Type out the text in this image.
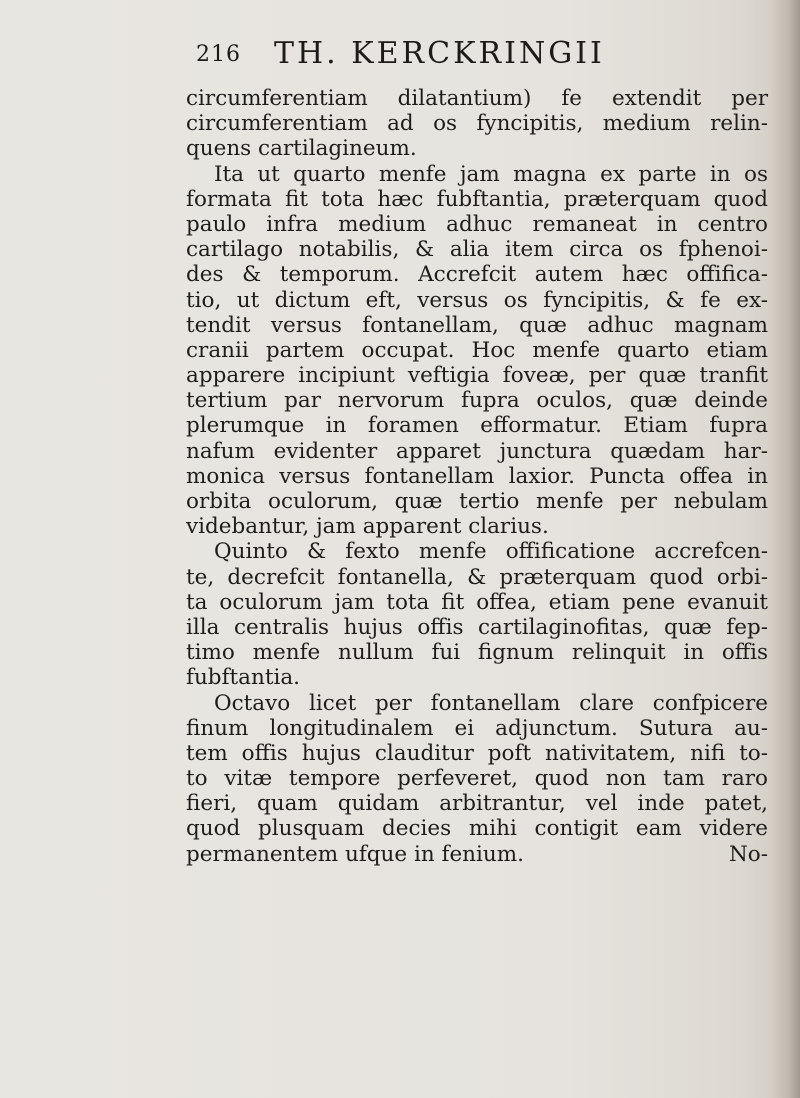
216 TH. KERCKRINGII
circumferentiam dilatantium) fe extendit per
circumferentiam ad os fyncipitis, medium relin-
quens cartilagineum.
Ita ut quarto menfe jam magna ex parte in os
formata fit tota hæc fubftantia, præterquam quod
paulo infra medium adhuc remaneat in centro
cartilago notabilis, & alia item circa os fphenoi-
des & temporum. Accrefcit autem hæc offifica-
tio, ut dictum eft, versus os fyncipitis, & fe ex-
tendit versus fontanellam, quæ adhuc magnam
cranii partem occupat. Hoc menfe quarto etiam
apparere incipiunt veftigia foveæ, per quæ tranfit
tertium par nervorum fupra oculos, quæ deinde
plerumque in foramen efformatur. Etiam fupra
nafum evidenter apparet junctura quædam har-
monica versus fontanellam laxior. Puncta offea in
orbita oculorum, quæ tertio menfe per nebulam
videbantur, jam apparent clarius.
Quinto & fexto menfe offificatione accrefcen-
te, decrefcit fontanella, & præterquam quod orbi-
ta oculorum jam tota fit offea, etiam pene evanuit
illa centralis hujus offis cartilaginofitas, quæ fep-
timo menfe nullum fui fignum relinquit in offis
fubftantia.
Octavo licet per fontanellam clare confpicere
finum longitudinalem ei adjunctum. Sutura au-
tem offis hujus clauditur poft nativitatem, nifi to-
to vitæ tempore perfeveret, quod non tam raro
fieri, quam quidam arbitrantur, vel inde patet,
quod plusquam decies mihi contigit eam videre
permanentem ufque in fenium.	No-
